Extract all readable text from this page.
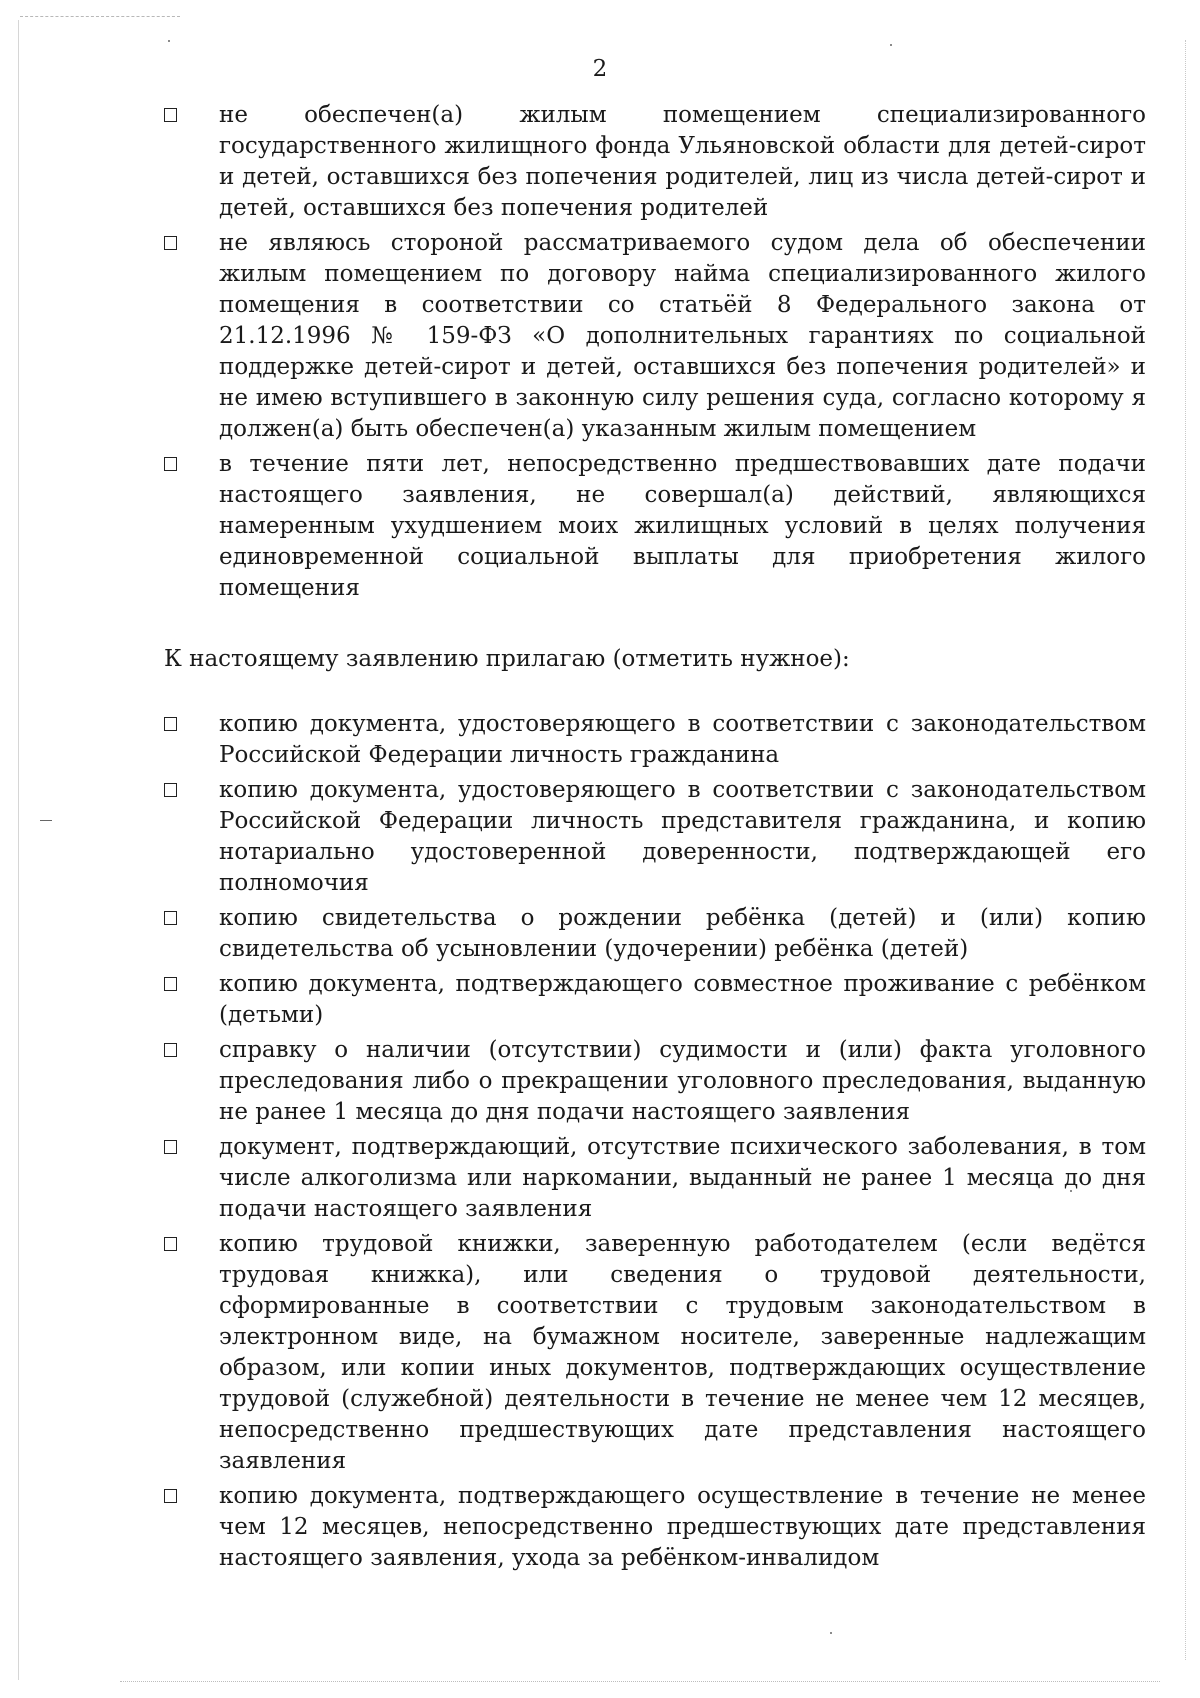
2
не обеспечен(а) жилым помещением специализированного государственного жилищного фонда Ульяновской области для детей-сирот и детей, оставшихся без попечения родителей, лиц из числа детей-сирот и детей, оставшихся без попечения родителей
не являюсь стороной рассматриваемого судом дела об обеспечении жилым помещением по договору найма специализированного жилого помещения в соответствии со статьёй 8 Федерального закона от 21.12.1996 № 159-ФЗ «О дополнительных гарантиях по социальной поддержке детей-сирот и детей, оставшихся без попечения родителей» и не имею вступившего в законную силу решения суда, согласно которому я должен(а) быть обеспечен(а) указанным жилым помещением
в течение пяти лет, непосредственно предшествовавших дате подачи настоящего заявления, не совершал(а) действий, являющихся намеренным ухудшением моих жилищных условий в целях получения единовременной социальной выплаты для приобретения жилого помещения
К настоящему заявлению прилагаю (отметить нужное):
копию документа, удостоверяющего в соответствии с законодательством Российской Федерации личность гражданина
копию документа, удостоверяющего в соответствии с законодательством Российской Федерации личность представителя гражданина, и копию нотариально удостоверенной доверенности, подтверждающей его полномочия
копию свидетельства о рождении ребёнка (детей) и (или) копию свидетельства об усыновлении (удочерении) ребёнка (детей)
копию документа, подтверждающего совместное проживание с ребёнком (детьми)
справку о наличии (отсутствии) судимости и (или) факта уголовного преследования либо о прекращении уголовного преследования, выданную не ранее 1 месяца до дня подачи настоящего заявления
документ, подтверждающий, отсутствие психического заболевания, в том числе алкоголизма или наркомании, выданный не ранее 1 месяца до дня подачи настоящего заявления
копию трудовой книжки, заверенную работодателем (если ведётся трудовая книжка), или сведения о трудовой деятельности, сформированные в соответствии с трудовым законодательством в электронном виде, на бумажном носителе, заверенные надлежащим образом, или копии иных документов, подтверждающих осуществление трудовой (служебной) деятельности в течение не менее чем 12 месяцев, непосредственно предшествующих дате представления настоящего заявления
копию документа, подтверждающего осуществление в течение не менее чем 12 месяцев, непосредственно предшествующих дате представления настоящего заявления, ухода за ребёнком-инвалидом
